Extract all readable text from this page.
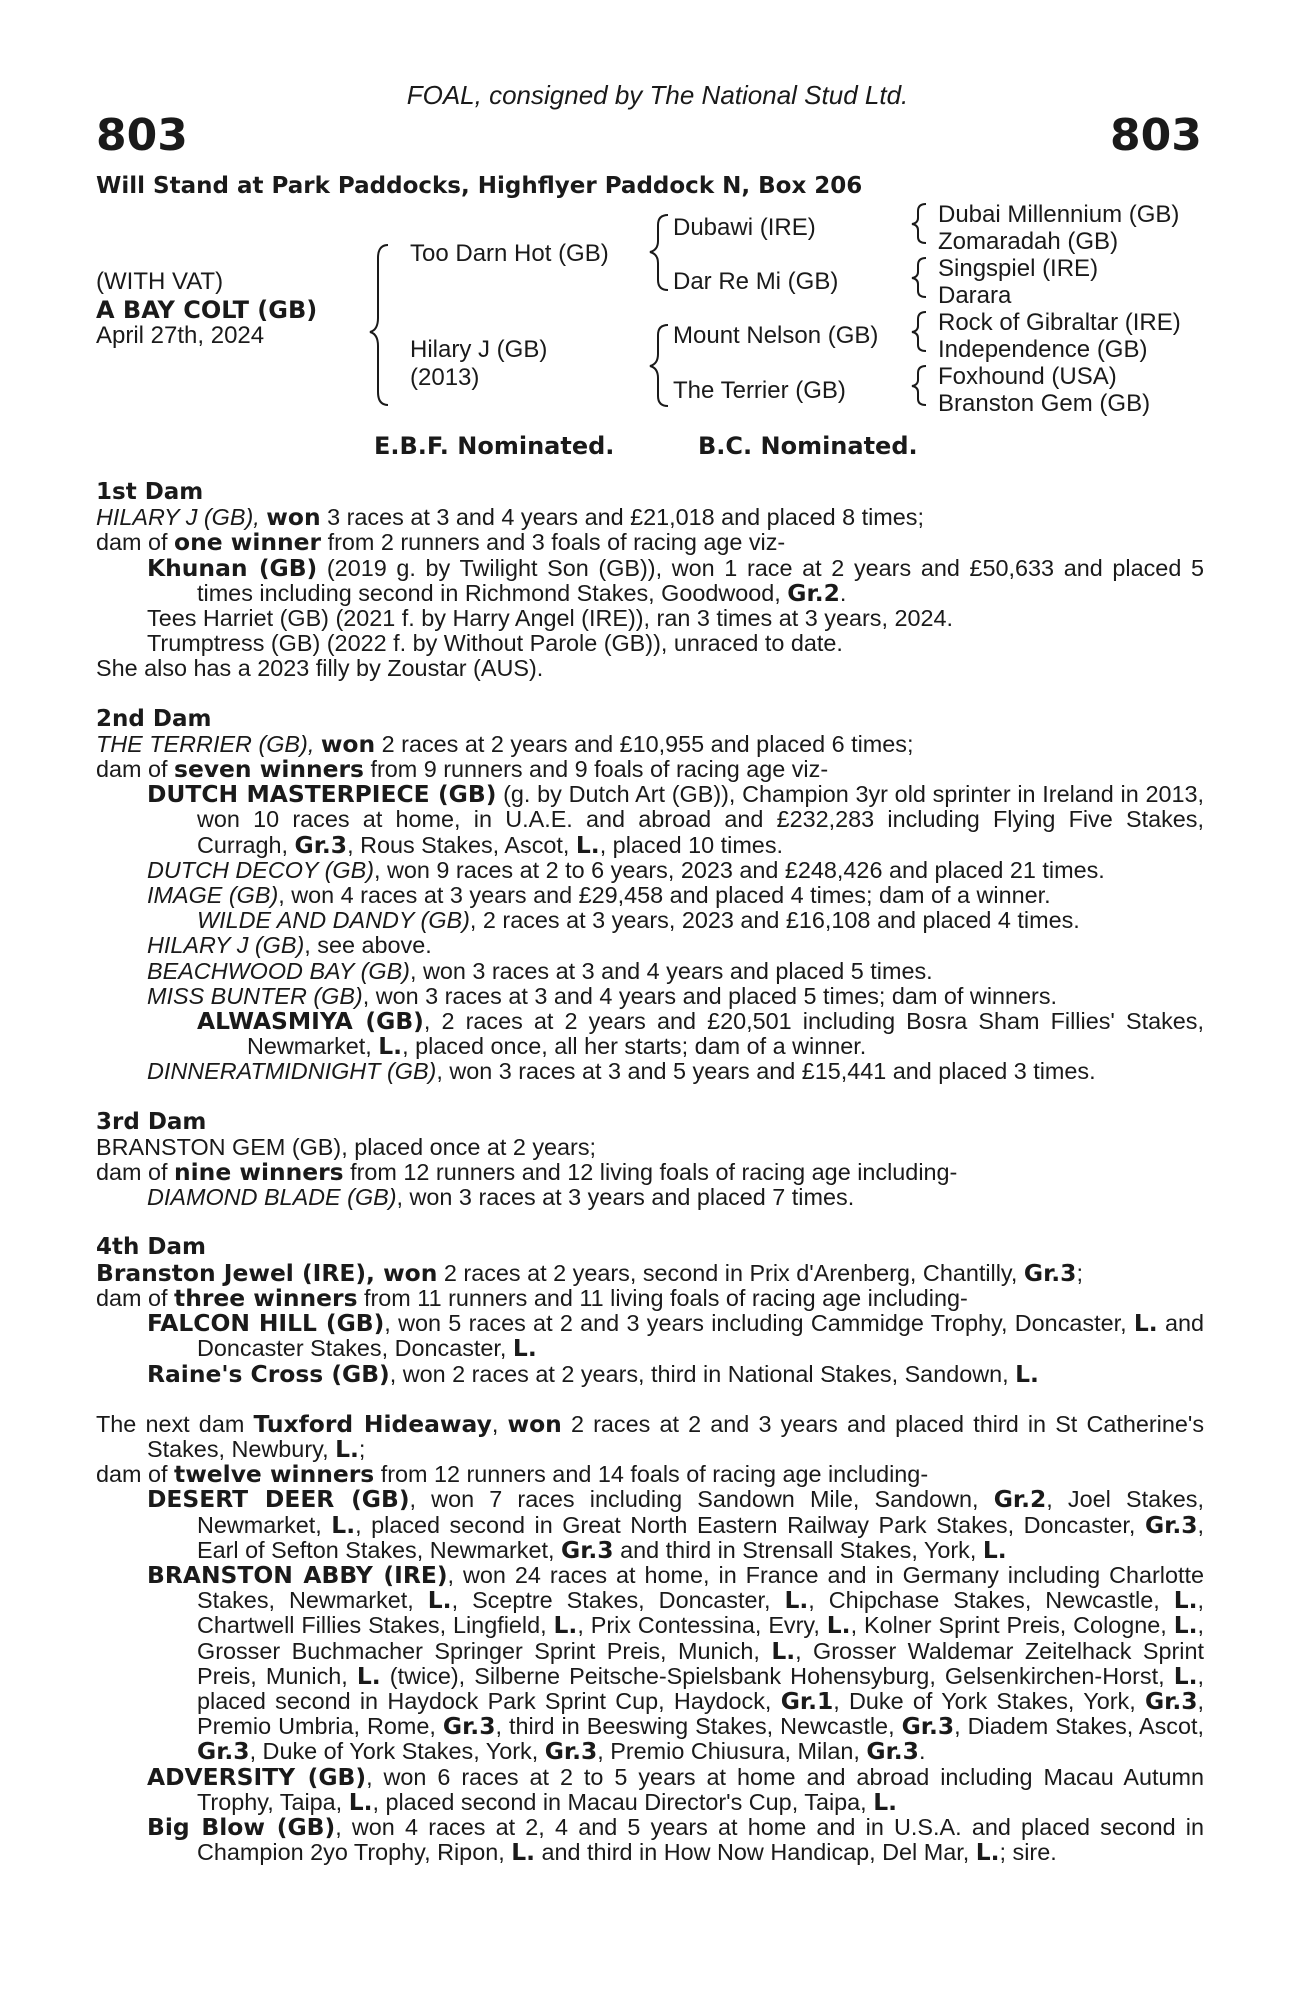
FOAL, consigned by The National Stud Ltd.
803	803
Will Stand at Park Paddocks, Highflyer Paddock N, Box 206
(WITH VAT)
A BAY COLT (GB)
April 27th, 2024
Too Darn Hot (GB)
Hilary J (GB)
(2013)
Dubawi (IRE)
Dar Re Mi (GB)
Mount Nelson (GB)
The Terrier (GB)
Dubai Millennium (GB)
Zomaradah (GB)
Singspiel (IRE)
Darara
Rock of Gibraltar (IRE)
Independence (GB)
Foxhound (USA)
Branston Gem (GB)
E.B.F. Nominated.	B.C. Nominated.

1st Dam

HILARY J (GB), won 3 races at 3 and 4 years and £21,018 and placed 8 times;

dam of one winner from 2 runners and 3 foals of racing age viz-

Khunan (GB) (2019 g. by Twilight Son (GB)), won 1 race at 2 years and £50,633 and placed 5 times including second in Richmond Stakes, Goodwood, Gr.2.

Tees Harriet (GB) (2021 f. by Harry Angel (IRE)), ran 3 times at 3 years, 2024.

Trumptress (GB) (2022 f. by Without Parole (GB)), unraced to date.

She also has a 2023 filly by Zoustar (AUS).

2nd Dam

THE TERRIER (GB), won 2 races at 2 years and £10,955 and placed 6 times;

dam of seven winners from 9 runners and 9 foals of racing age viz-

DUTCH MASTERPIECE (GB) (g. by Dutch Art (GB)), Champion 3yr old sprinter in Ireland in 2013, won 10 races at home, in U.A.E. and abroad and £232,283 including Flying Five Stakes, Curragh, Gr.3, Rous Stakes, Ascot, L., placed 10 times.

DUTCH DECOY (GB), won 9 races at 2 to 6 years, 2023 and £248,426 and placed 21 times.

IMAGE (GB), won 4 races at 3 years and £29,458 and placed 4 times; dam of a winner.

WILDE AND DANDY (GB), 2 races at 3 years, 2023 and £16,108 and placed 4 times.

HILARY J (GB), see above.

BEACHWOOD BAY (GB), won 3 races at 3 and 4 years and placed 5 times.

MISS BUNTER (GB), won 3 races at 3 and 4 years and placed 5 times; dam of winners.

ALWASMIYA (GB), 2 races at 2 years and £20,501 including Bosra Sham Fillies' Stakes, Newmarket, L., placed once, all her starts; dam of a winner.

DINNERATMIDNIGHT (GB), won 3 races at 3 and 5 years and £15,441 and placed 3 times.

3rd Dam

BRANSTON GEM (GB), placed once at 2 years;

dam of nine winners from 12 runners and 12 living foals of racing age including-

DIAMOND BLADE (GB), won 3 races at 3 years and placed 7 times.

4th Dam

Branston Jewel (IRE), won 2 races at 2 years, second in Prix d'Arenberg, Chantilly, Gr.3;

dam of three winners from 11 runners and 11 living foals of racing age including-

FALCON HILL (GB), won 5 races at 2 and 3 years including Cammidge Trophy, Doncaster, L. and Doncaster Stakes, Doncaster, L.

Raine's Cross (GB), won 2 races at 2 years, third in National Stakes, Sandown, L.

The next dam Tuxford Hideaway, won 2 races at 2 and 3 years and placed third in St Catherine's Stakes, Newbury, L.;

dam of twelve winners from 12 runners and 14 foals of racing age including-

DESERT DEER (GB), won 7 races including Sandown Mile, Sandown, Gr.2, Joel Stakes, Newmarket, L., placed second in Great North Eastern Railway Park Stakes, Doncaster, Gr.3, Earl of Sefton Stakes, Newmarket, Gr.3 and third in Strensall Stakes, York, L.

BRANSTON ABBY (IRE), won 24 races at home, in France and in Germany including Charlotte Stakes, Newmarket, L., Sceptre Stakes, Doncaster, L., Chipchase Stakes, Newcastle, L., Chartwell Fillies Stakes, Lingfield, L., Prix Contessina, Evry, L., Kolner Sprint Preis, Cologne, L., Grosser Buchmacher Springer Sprint Preis, Munich, L., Grosser Waldemar Zeitelhack Sprint Preis, Munich, L. (twice), Silberne Peitsche-Spielsbank Hohensyburg, Gelsenkirchen-Horst, L., placed second in Haydock Park Sprint Cup, Haydock, Gr.1, Duke of York Stakes, York, Gr.3, Premio Umbria, Rome, Gr.3, third in Beeswing Stakes, Newcastle, Gr.3, Diadem Stakes, Ascot, Gr.3, Duke of York Stakes, York, Gr.3, Premio Chiusura, Milan, Gr.3.

ADVERSITY (GB), won 6 races at 2 to 5 years at home and abroad including Macau Autumn Trophy, Taipa, L., placed second in Macau Director's Cup, Taipa, L.

Big Blow (GB), won 4 races at 2, 4 and 5 years at home and in U.S.A. and placed second in Champion 2yo Trophy, Ripon, L. and third in How Now Handicap, Del Mar, L.; sire.
